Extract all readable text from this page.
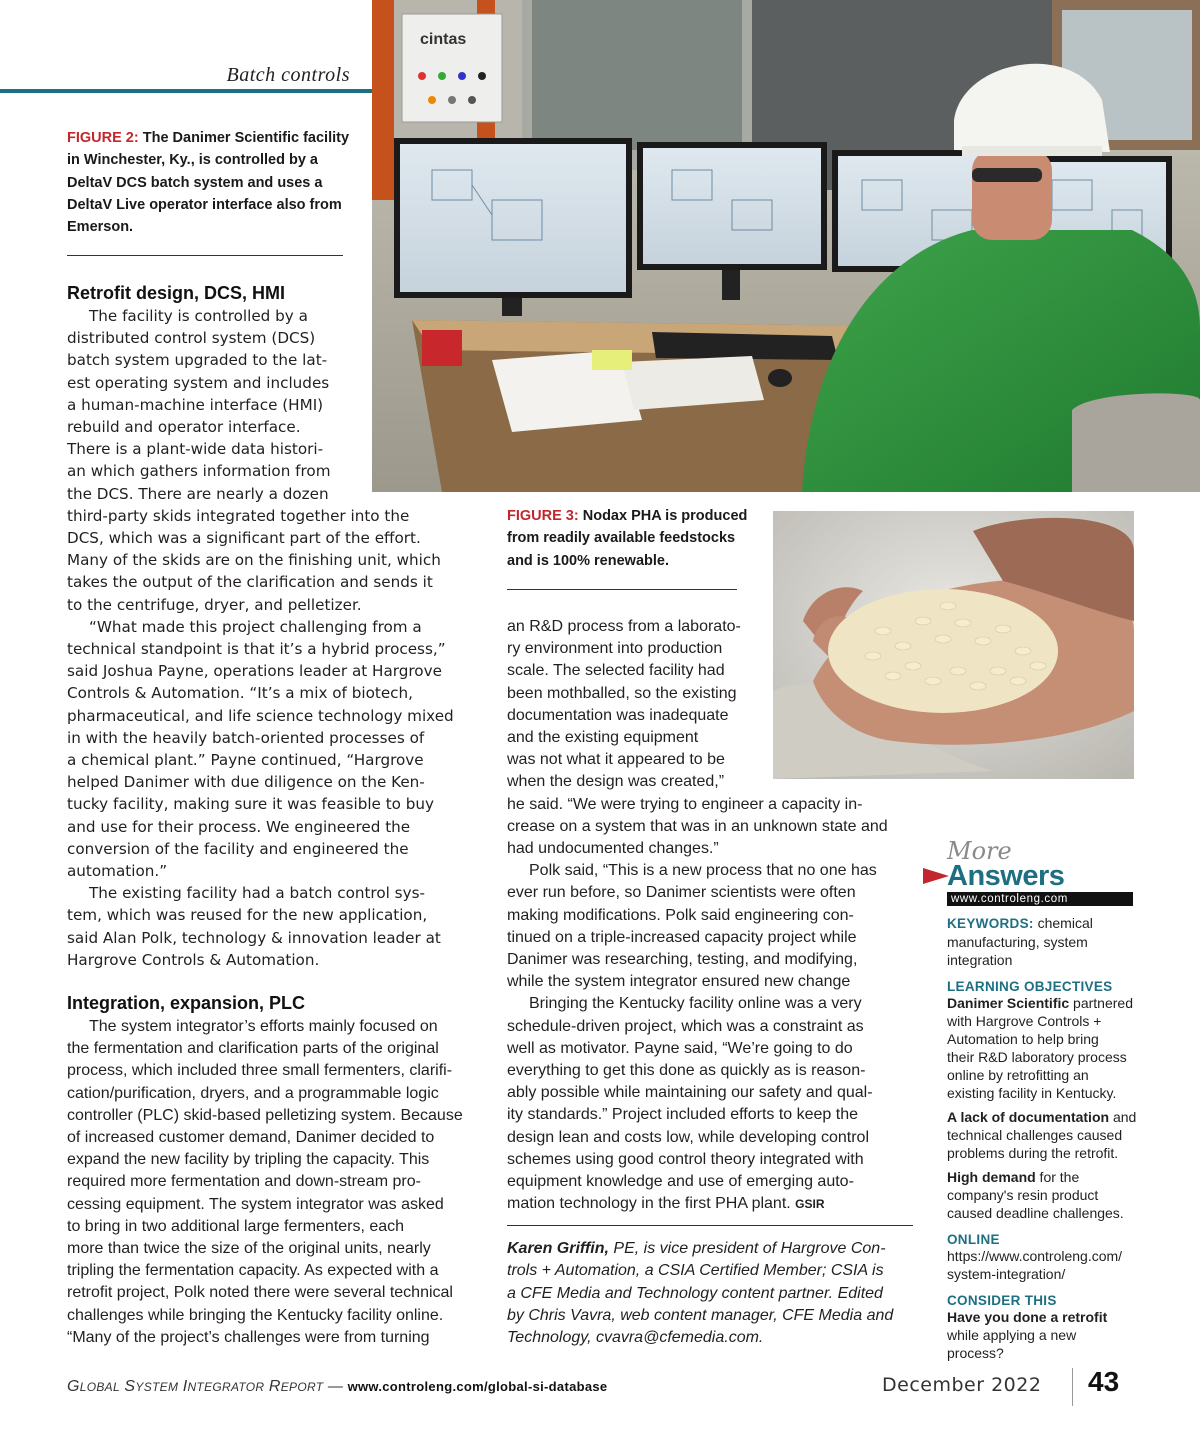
Batch controls
cintas
FIGURE 2: The Danimer Scientific facility
in Winchester, Ky., is controlled by a
DeltaV DCS batch system and uses a
DeltaV Live operator interface also from
Emerson.
Retrofit design, DCS, HMI
The facility is controlled by a
distributed control system (DCS)
batch system upgraded to the lat-
est operating system and includes
a human-machine interface (HMI)
rebuild and operator interface.
There is a plant-wide data histori-
an which gathers information from
the DCS. There are nearly a dozen
third-party skids integrated together into the
DCS, which was a significant part of the effort.
Many of the skids are on the finishing unit, which
takes the output of the clarification and sends it
to the centrifuge, dryer, and pelletizer.
“What made this project challenging from a
technical standpoint is that it’s a hybrid process,”
said Joshua Payne, operations leader at Hargrove
Controls & Automation. “It’s a mix of biotech,
pharmaceutical, and life science technology mixed
in with the heavily batch-oriented processes of
a chemical plant.” Payne continued, “Hargrove
helped Danimer with due diligence on the Ken-
tucky facility, making sure it was feasible to buy
and use for their process. We engineered the
conversion of the facility and engineered the
automation.”
The existing facility had a batch control sys-
tem, which was reused for the new application,
said Alan Polk, technology & innovation leader at
Hargrove Controls & Automation.
Integration, expansion, PLC
The system integrator’s efforts mainly focused on
the fermentation and clarification parts of the original
process, which included three small fermenters, clarifi-
cation/purification, dryers, and a programmable logic
controller (PLC) skid-based pelletizing system. Because
of increased customer demand, Danimer decided to
expand the new facility by tripling the capacity. This
required more fermentation and down-stream pro-
cessing equipment. The system integrator was asked
to bring in two additional large fermenters, each
more than twice the size of the original units, nearly
tripling the fermentation capacity. As expected with a
retrofit project, Polk noted there were several technical
challenges while bringing the Kentucky facility online.
“Many of the project’s challenges were from turning
FIGURE 3: Nodax PHA is produced
from readily available feedstocks
and is 100% renewable.
an R&D process from a laborato-
ry environment into production
scale. The selected facility had
been mothballed, so the existing
documentation was inadequate
and the existing equipment
was not what it appeared to be
when the design was created,”
he said. “We were trying to engineer a capacity in-
crease on a system that was in an unknown state and
had undocumented changes.”
Polk said, “This is a new process that no one has
ever run before, so Danimer scientists were often
making modifications. Polk said engineering con-
tinued on a triple-increased capacity project while
Danimer was researching, testing, and modifying,
while the system integrator ensured new change
Bringing the Kentucky facility online was a very
schedule-driven project, which was a constraint as
well as motivator. Payne said, “We’re going to do
everything to get this done as quickly as is reason-
ably possible while maintaining our safety and qual-
ity standards.” Project included efforts to keep the
design lean and costs low, while developing control
schemes using good control theory integrated with
equipment knowledge and use of emerging auto-
mation technology in the first PHA plant. GSIR
Karen Griffin, PE, is vice president of Hargrove Con-
trols + Automation, a CSIA Certified Member; CSIA is
a CFE Media and Technology content partner. Edited
by Chris Vavra, web content manager, CFE Media and
Technology, cvavra@cfemedia.com.
More
Answers
www.controleng.com
KEYWORDS: chemical
manufacturing, system
integration
LEARNING OBJECTIVES
Danimer Scientific partnered
with Hargrove Controls +
Automation to help bring
their R&D laboratory process
online by retrofitting an
existing facility in Kentucky.
A lack of documentation and
technical challenges caused
problems during the retrofit.
High demand for the
company's resin product
caused deadline challenges.
ONLINE
https://www.controleng.com/
system-integration/
CONSIDER THIS
Have you done a retrofit
while applying a new
process?
GLOBAL SYSTEM INTEGRATOR REPORT — www.controleng.com/global-si-database	December 2022 43
